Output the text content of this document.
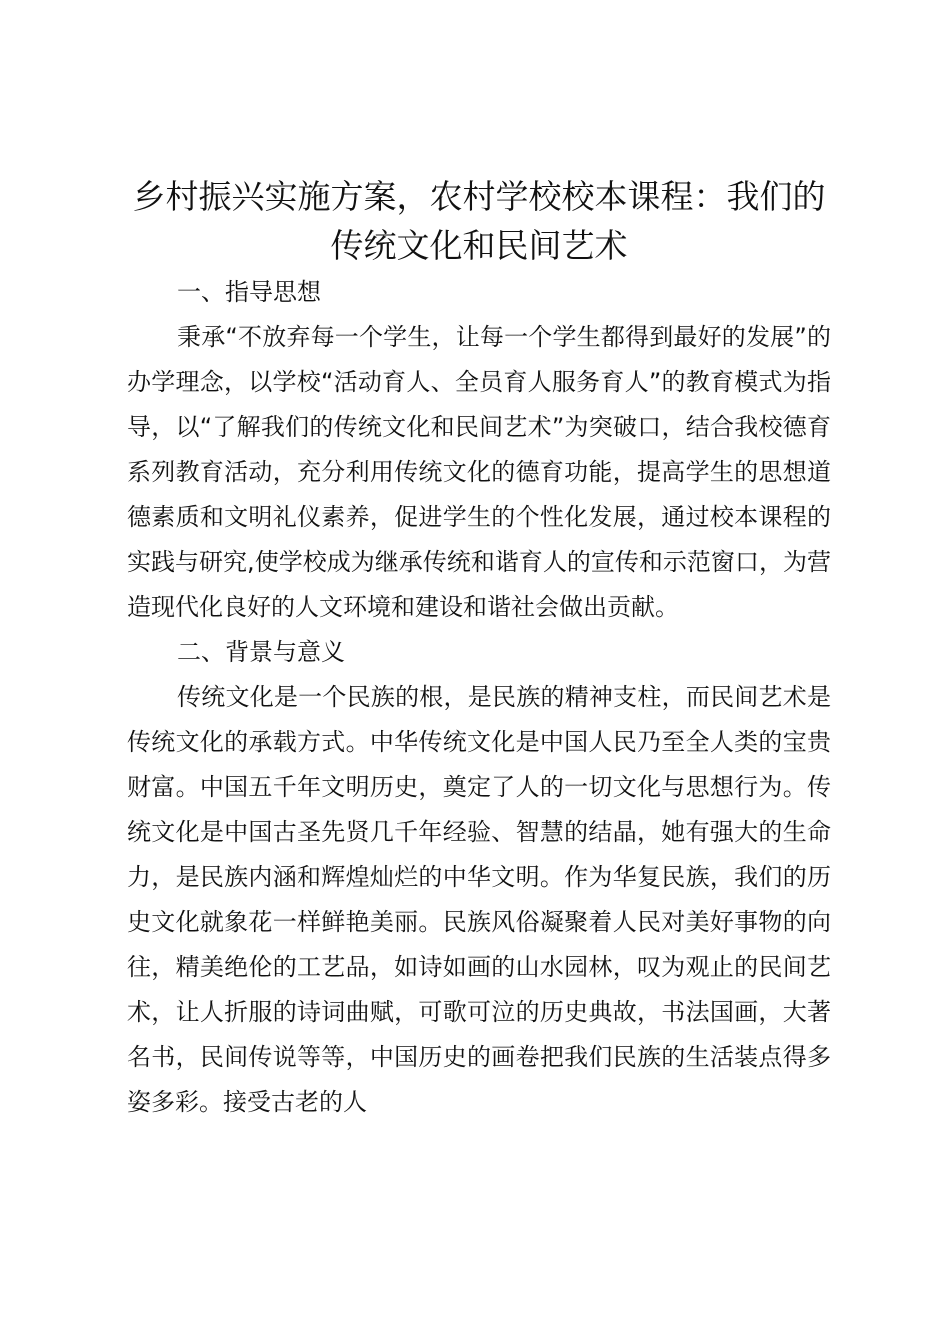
乡村振兴实施方案，农村学校校本课程：我们的传统文化和民间艺术

一、指导思想

秉承“不放弃每一个学生，让每一个学生都得到最好的发展”的办学理念，以学校“活动育人、全员育人服务育人”的教育模式为指导，以“了解我们的传统文化和民间艺术”为突破口，结合我校德育系列教育活动，充分利用传统文化的德育功能，提高学生的思想道德素质和文明礼仪素养，促进学生的个性化发展，通过校本课程的实践与研究,使学校成为继承传统和谐育人的宣传和示范窗口，为营造现代化良好的人文环境和建设和谐社会做出贡献。

二、背景与意义

传统文化是一个民族的根，是民族的精神支柱，而民间艺术是传统文化的承载方式。中华传统文化是中国人民乃至全人类的宝贵财富。中国五千年文明历史，奠定了人的一切文化与思想行为。传统文化是中国古圣先贤几千年经验、智慧的结晶，她有强大的生命力，是民族内涵和辉煌灿烂的中华文明。作为华复民族，我们的历史文化就象花一样鲜艳美丽。民族风俗凝聚着人民对美好事物的向往，精美绝伦的工艺品，如诗如画的山水园林，叹为观止的民间艺术，让人折服的诗词曲赋，可歌可泣的历史典故，书法国画，大著名书，民间传说等等，中国历史的画卷把我们民族的生活装点得多姿多彩。接受古老的人
